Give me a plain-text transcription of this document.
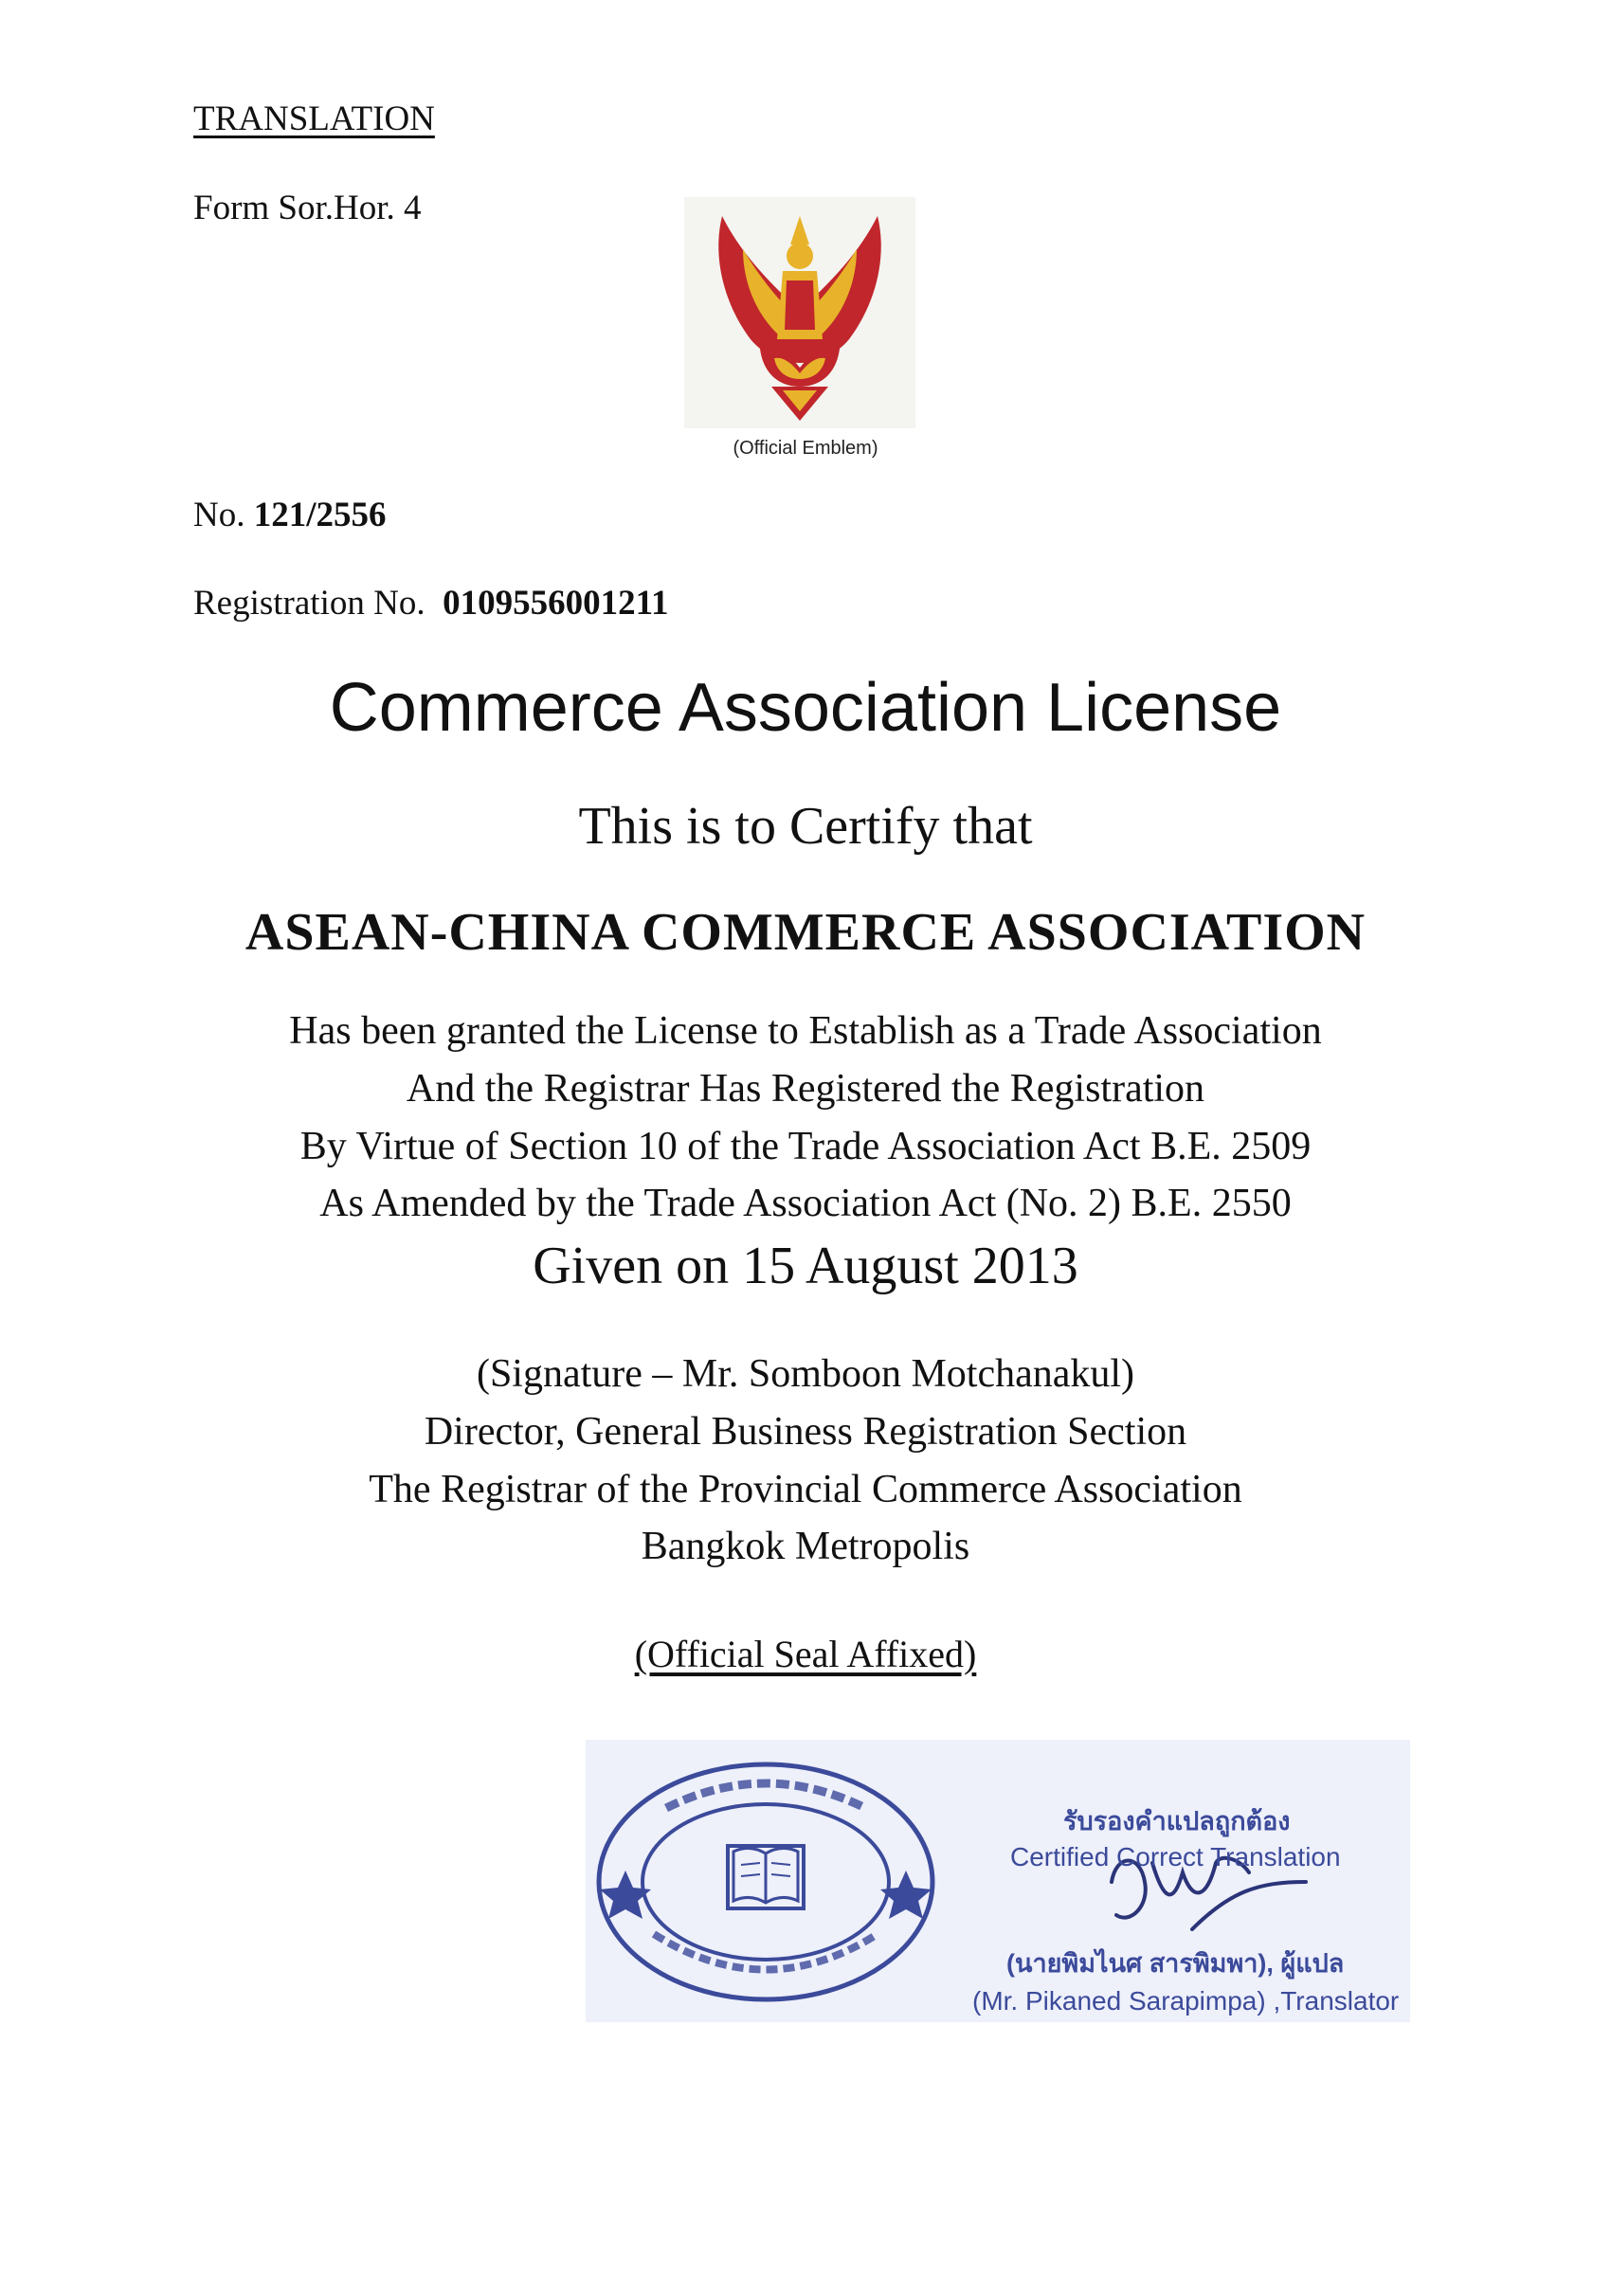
TRANSLATION
Form Sor.Hor. 4
(Official Emblem)
No. 121/2556
Registration No. 0109556001211
Commerce Association License
This is to Certify that
ASEAN-CHINA COMMERCE ASSOCIATION
Has been granted the License to Establish as a Trade Association
And the Registrar Has Registered the Registration
By Virtue of Section 10 of the Trade Association Act B.E. 2509
As Amended by the Trade Association Act (No. 2) B.E. 2550
Given on 15 August 2013
(Signature – Mr. Somboon Motchanakul)
Director, General Business Registration Section
The Registrar of the Provincial Commerce Association
Bangkok Metropolis
(Official Seal Affixed)
รับรองคำแปลถูกต้อง
Certified Correct Translation
(นายพิมไนศ สารพิมพา), ผู้แปล
(Mr. Pikaned Sarapimpa) ,Translator
